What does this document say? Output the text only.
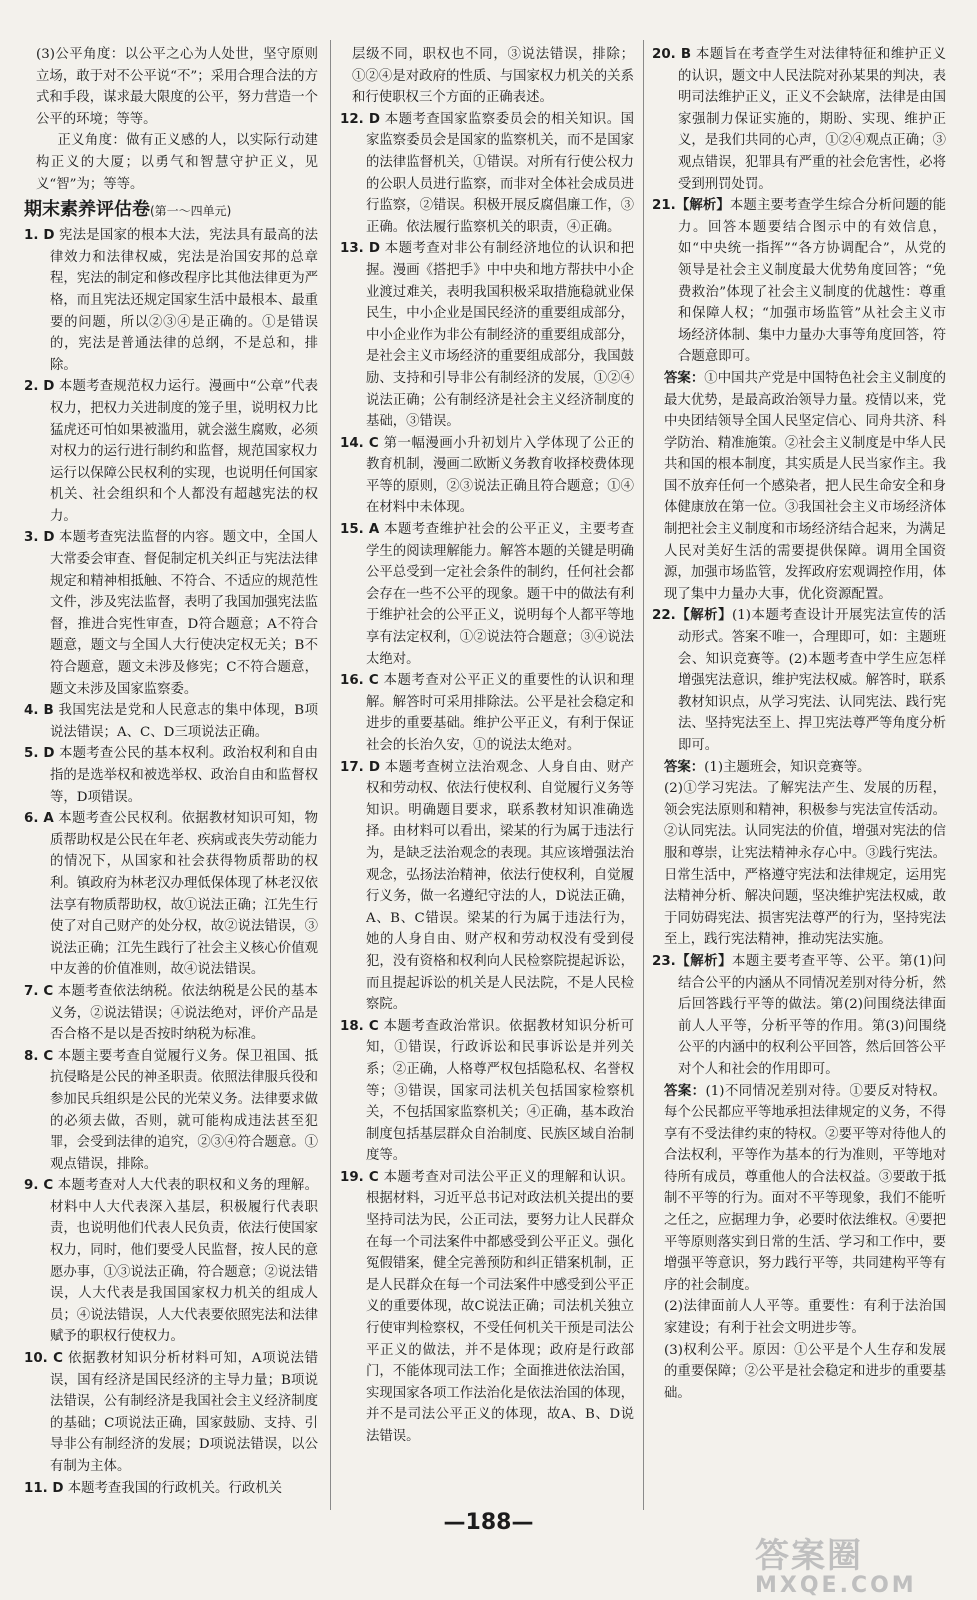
(3)公平角度：以公平之心为人处世，坚守原则立场，敢于对不公平说“不”；采用合理合法的方式和手段，谋求最大限度的公平，努力营造一个公平的环境；等等。

正义角度：做有正义感的人，以实际行动建构正义的大厦；以勇气和智慧守护正义，见义“智”为；等等。

期末素养评估卷(第一～四单元)

1. D 宪法是国家的根本大法，宪法具有最高的法律效力和法律权威，宪法是治国安邦的总章程，宪法的制定和修改程序比其他法律更为严格，而且宪法还规定国家生活中最根本、最重要的问题，所以②③④是正确的。①是错误的，宪法是普通法律的总纲，不是总和，排除。

2. D 本题考查规范权力运行。漫画中“公章”代表权力，把权力关进制度的笼子里，说明权力比猛虎还可怕如果被滥用，就会滋生腐败，必须对权力的运行进行制约和监督，规范国家权力运行以保障公民权利的实现，也说明任何国家机关、社会组织和个人都没有超越宪法的权力。

3. D 本题考查宪法监督的内容。题文中，全国人大常委会审查、督促制定机关纠正与宪法法律规定和精神相抵触、不符合、不适应的规范性文件，涉及宪法监督，表明了我国加强宪法监督，推进合宪性审查，D符合题意；A不符合题意，题文与全国人大行使决定权无关；B不符合题意，题文未涉及修宪；C不符合题意，题文未涉及国家监察委。

4. B 我国宪法是党和人民意志的集中体现，B项说法错误；A、C、D三项说法正确。

5. D 本题考查公民的基本权利。政治权利和自由指的是选举权和被选举权、政治自由和监督权等，D项错误。

6. A 本题考查公民权利。依据教材知识可知，物质帮助权是公民在年老、疾病或丧失劳动能力的情况下，从国家和社会获得物质帮助的权利。镇政府为林老汉办理低保体现了林老汉依法享有物质帮助权，故①说法正确；江先生行使了对自己财产的处分权，故②说法错误，③说法正确；江先生践行了社会主义核心价值观中友善的价值准则，故④说法错误。

7. C 本题考查依法纳税。依法纳税是公民的基本义务，②说法错误；④说法绝对，评价产品是否合格不是以是否按时纳税为标准。

8. C 本题主要考查自觉履行义务。保卫祖国、抵抗侵略是公民的神圣职责。依照法律服兵役和参加民兵组织是公民的光荣义务。法律要求做的必须去做，否则，就可能构成违法甚至犯罪，会受到法律的追究，②③④符合题意。①观点错误，排除。

9. C 本题考查对人大代表的职权和义务的理解。材料中人大代表深入基层，积极履行代表职责，也说明他们代表人民负责，依法行使国家权力，同时，他们要受人民监督，按人民的意愿办事，①③说法正确，符合题意；②说法错误，人大代表是我国国家权力机关的组成人员；④说法错误，人大代表要依照宪法和法律赋予的职权行使权力。

10. C 依据教材知识分析材料可知，A项说法错误，国有经济是国民经济的主导力量；B项说法错误，公有制经济是我国社会主义经济制度的基础；C项说法正确，国家鼓励、支持、引导非公有制经济的发展；D项说法错误，以公有制为主体。

11. D 本题考查我国的行政机关。行政机关

层级不同，职权也不同，③说法错误，排除；①②④是对政府的性质、与国家权力机关的关系和行使职权三个方面的正确表述。

12. D 本题考查国家监察委员会的相关知识。国家监察委员会是国家的监察机关，而不是国家的法律监督机关，①错误。对所有行使公权力的公职人员进行监察，而非对全体社会成员进行监察，②错误。积极开展反腐倡廉工作，③正确。依法履行监察机关的职责，④正确。

13. D 本题考查对非公有制经济地位的认识和把握。漫画《搭把手》中中央和地方帮扶中小企业渡过难关，表明我国积极采取措施稳就业保民生，中小企业是国民经济的重要组成部分，中小企业作为非公有制经济的重要组成部分，是社会主义市场经济的重要组成部分，我国鼓励、支持和引导非公有制经济的发展，①②④说法正确；公有制经济是社会主义经济制度的基础，③错误。

14. C 第一幅漫画小升初划片入学体现了公正的教育机制，漫画二欧断义务教育收择校费体现平等的原则，②③说法正确且符合题意；①④在材料中未体现。

15. A 本题考查维护社会的公平正义，主要考查学生的阅读理解能力。解答本题的关键是明确公平总受到一定社会条件的制约，任何社会都会存在一些不公平的现象。题干中的做法有利于维护社会的公平正义，说明每个人都平等地享有法定权利，①②说法符合题意；③④说法太绝对。

16. C 本题考查对公平正义的重要性的认识和理解。解答时可采用排除法。公平是社会稳定和进步的重要基础。维护公平正义，有利于保证社会的长治久安，①的说法太绝对。

17. D 本题考查树立法治观念、人身自由、财产权和劳动权、依法行使权利、自觉履行义务等知识。明确题目要求，联系教材知识准确选择。由材料可以看出，梁某的行为属于违法行为，是缺乏法治观念的表现。其应该增强法治观念，弘扬法治精神，依法行使权利，自觉履行义务，做一名遵纪守法的人，D说法正确，A、B、C错误。梁某的行为属于违法行为，她的人身自由、财产权和劳动权没有受到侵犯，没有资格和权利向人民检察院提起诉讼，而且提起诉讼的机关是人民法院，不是人民检察院。

18. C 本题考查政治常识。依据教材知识分析可知，①错误，行政诉讼和民事诉讼是并列关系；②正确，人格尊严权包括隐私权、名誉权等；③错误，国家司法机关包括国家检察机关，不包括国家监察机关；④正确，基本政治制度包括基层群众自治制度、民族区域自治制度等。

19. C 本题考查对司法公平正义的理解和认识。根据材料，习近平总书记对政法机关提出的要坚持司法为民，公正司法，要努力让人民群众在每一个司法案件中都感受到公平正义。强化冤假错案，健全完善预防和纠正错案机制，正是人民群众在每一个司法案件中感受到公平正义的重要体现，故C说法正确；司法机关独立行使审判检察权，不受任何机关干预是司法公平正义的做法，并不是体现；政府是行政部门，不能体现司法工作；全面推进依法治国，实现国家各项工作法治化是依法治国的体现，并不是司法公平正义的体现，故A、B、D说法错误。

20. B 本题旨在考查学生对法律特征和维护正义的认识，题文中人民法院对孙某果的判决，表明司法维护正义，正义不会缺席，法律是由国家强制力保证实施的，期盼、实现、维护正义，是我们共同的心声，①②④观点正确；③观点错误，犯罪具有严重的社会危害性，必将受到刑罚处罚。

21.【解析】本题主要考查学生综合分析问题的能力。回答本题要结合图示中的有效信息，如“中央统一指挥”“各方协调配合”，从党的领导是社会主义制度最大优势角度回答；“免费救治”体现了社会主义制度的优越性：尊重和保障人权；“加强市场监管”从社会主义市场经济体制、集中力量办大事等角度回答，符合题意即可。

答案：①中国共产党是中国特色社会主义制度的最大优势，是最高政治领导力量。疫情以来，党中央团结领导全国人民坚定信心、同舟共济、科学防治、精准施策。②社会主义制度是中华人民共和国的根本制度，其实质是人民当家作主。我国不放弃任何一个感染者，把人民生命安全和身体健康放在第一位。③我国社会主义市场经济体制把社会主义制度和市场经济结合起来，为满足人民对美好生活的需要提供保障。调用全国资源，加强市场监管，发挥政府宏观调控作用，体现了集中力量办大事，优化资源配置。

22.【解析】(1)本题考查设计开展宪法宣传的活动形式。答案不唯一，合理即可，如：主题班会、知识竞赛等。(2)本题考查中学生应怎样增强宪法意识，维护宪法权威。解答时，联系教材知识点，从学习宪法、认同宪法、践行宪法、坚持宪法至上、捍卫宪法尊严等角度分析即可。

答案：(1)主题班会，知识竞赛等。

(2)①学习宪法。了解宪法产生、发展的历程，领会宪法原则和精神，积极参与宪法宣传活动。②认同宪法。认同宪法的价值，增强对宪法的信服和尊崇，让宪法精神永存心中。③践行宪法。日常生活中，严格遵守宪法和法律规定，运用宪法精神分析、解决问题，坚决维护宪法权威，敢于同妨碍宪法、损害宪法尊严的行为，坚持宪法至上，践行宪法精神，推动宪法实施。

23.【解析】本题主要考查平等、公平。第(1)问结合公平的内涵从不同情况差别对待分析，然后回答践行平等的做法。第(2)问围绕法律面前人人平等，分析平等的作用。第(3)问围绕公平的内涵中的权利公平回答，然后回答公平对个人和社会的作用即可。

答案：(1)不同情况差别对待。①要反对特权。每个公民都应平等地承担法律规定的义务，不得享有不受法律约束的特权。②要平等对待他人的合法权利，平等作为基本的行为准则，平等地对待所有成员，尊重他人的合法权益。③要敢于抵制不平等的行为。面对不平等现象，我们不能听之任之，应据理力争，必要时依法维权。④要把平等原则落实到日常的生活、学习和工作中，要增强平等意识，努力践行平等，共同建构平等有序的社会制度。

(2)法律面前人人平等。重要性：有利于法治国家建设；有利于社会文明进步等。

(3)权利公平。原因：①公平是个人生存和发展的重要保障；②公平是社会稳定和进步的重要基础。

—188—
答案圈
MXQE.COM
